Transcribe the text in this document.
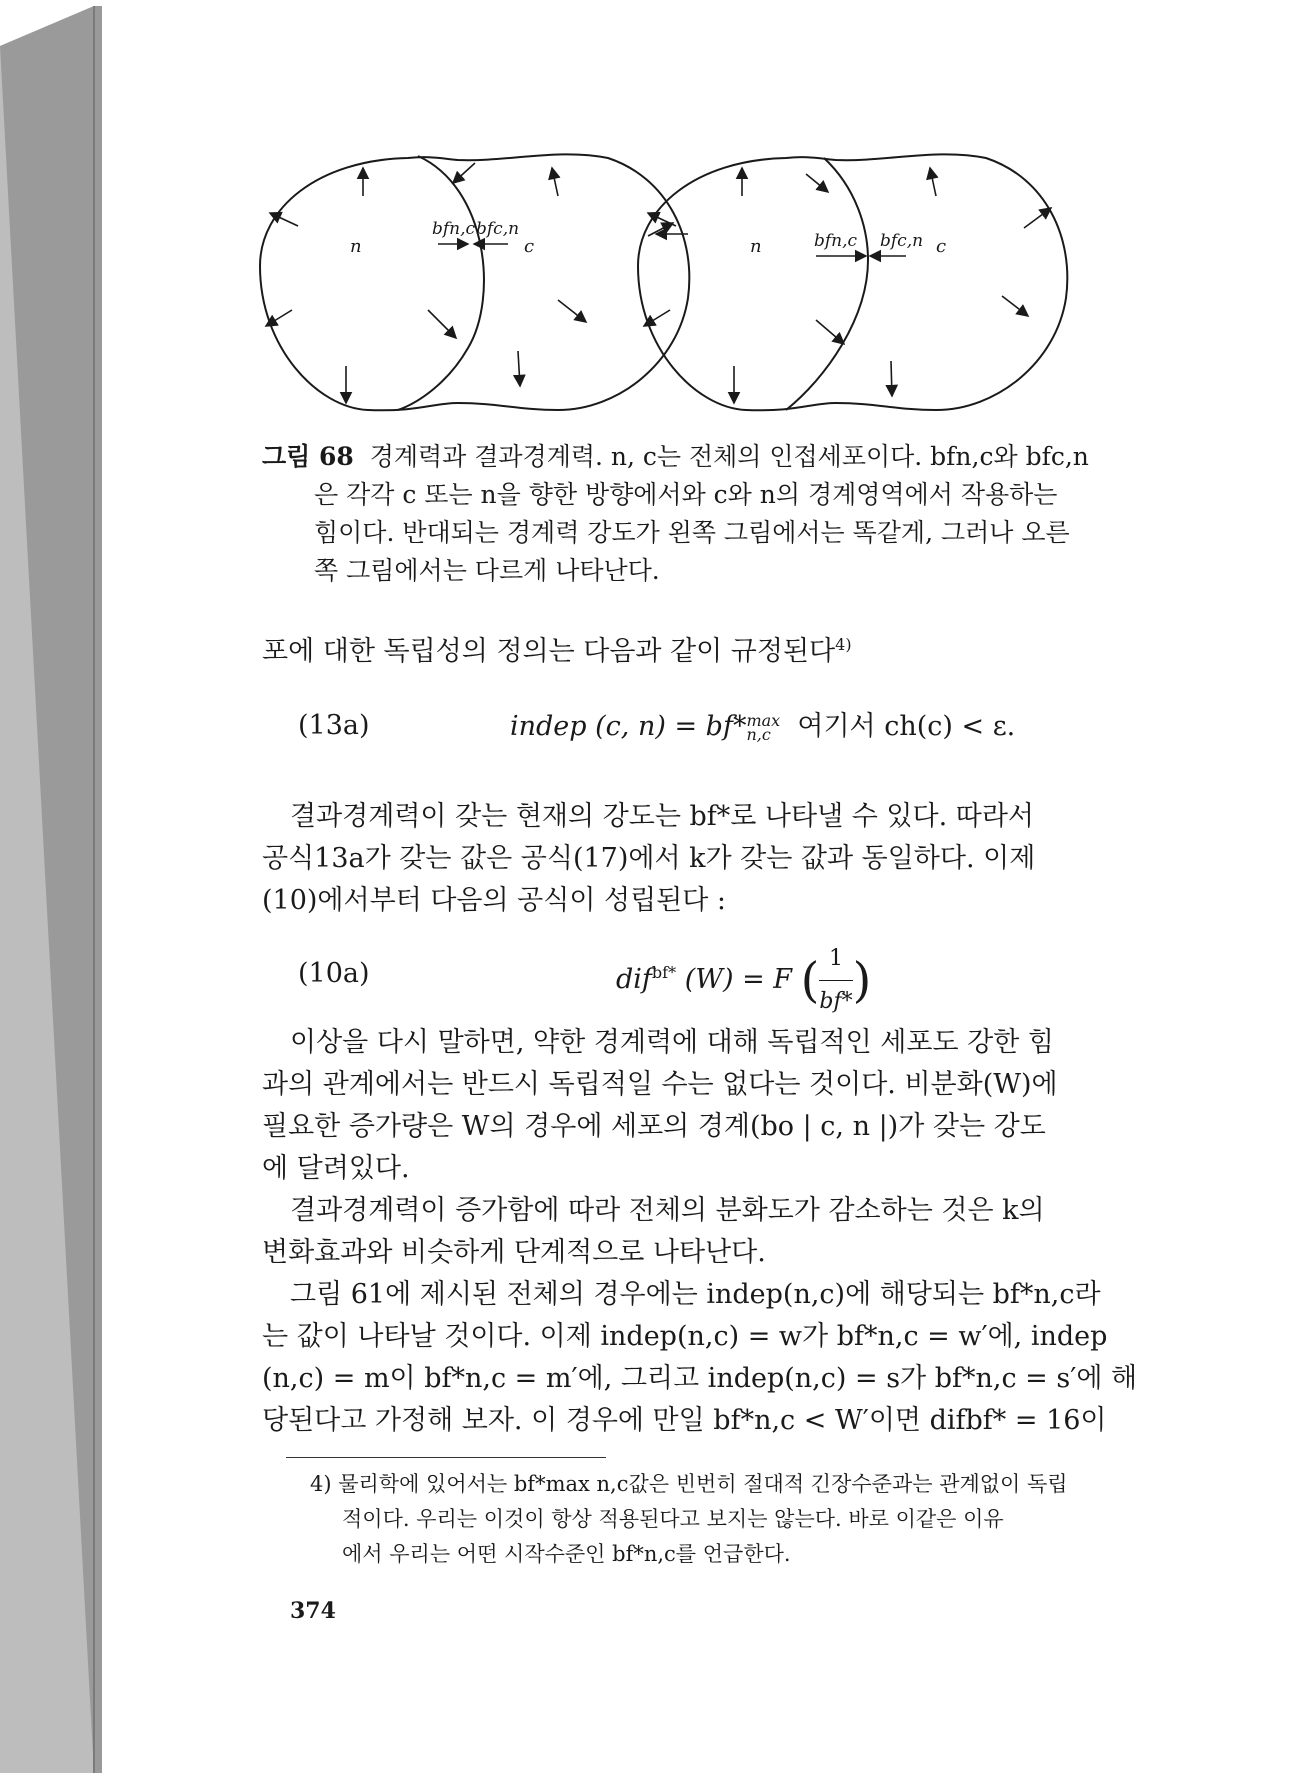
n	c
bfn,c bfc,n
n	c
bfn,c bfc,n
그림 68 경계력과 결과경계력. n, c는 전체의 인접세포이다. bfn,c와 bfc,n
은 각각 c 또는 n을 향한 방향에서와 c와 n의 경계영역에서 작용하는
힘이다. 반대되는 경계력 강도가 왼쪽 그림에서는 똑같게, 그러나 오른
쪽 그림에서는 다르게 나타난다.
포에 대한 독립성의 정의는 다음과 같이 규정된다$^{4)}$
(13a)	indep (c, n) = bf* max
n,c 여기서 ch(c) < ε.
결과경계력이 갖는 현재의 강도는 bf*로 나타낼 수 있다. 따라서
공식13a가 갖는 값은 공식(17)에서 k가 갖는 값과 동일하다. 이제
(10)에서부터 다음의 공식이 성립된다 :
(10a)	dif$^{bf*}$ (W) = F ( $\frac{1}{bf*}$ )
이상을 다시 말하면, 약한 경계력에 대해 독립적인 세포도 강한 힘
과의 관계에서는 반드시 독립적일 수는 없다는 것이다. 비분화(W)에
필요한 증가량은 W의 경우에 세포의 경계(bo | c, n |)가 갖는 강도
에 달려있다.
결과경계력이 증가함에 따라 전체의 분화도가 감소하는 것은 k의
변화효과와 비슷하게 단계적으로 나타난다.
그림 61에 제시된 전체의 경우에는 indep(n,c)에 해당되는 bf*n,c라
는 값이 나타날 것이다. 이제 indep(n,c) = w가 bf*n,c = w′에, indep
(n,c) = m이 bf*n,c = m′에, 그리고 indep(n,c) = s가 bf*n,c = s′에 해
당된다고 가정해 보자. 이 경우에 만일 bf*n,c < W′이면 difbf* = 16이
4) 물리학에 있어서는 bf*max n,c값은 빈번히 절대적 긴장수준과는 관계없이 독립
적이다. 우리는 이것이 항상 적용된다고 보지는 않는다. 바로 이같은 이유
에서 우리는 어떤 시작수준인 bf*n,c를 언급한다.
374
